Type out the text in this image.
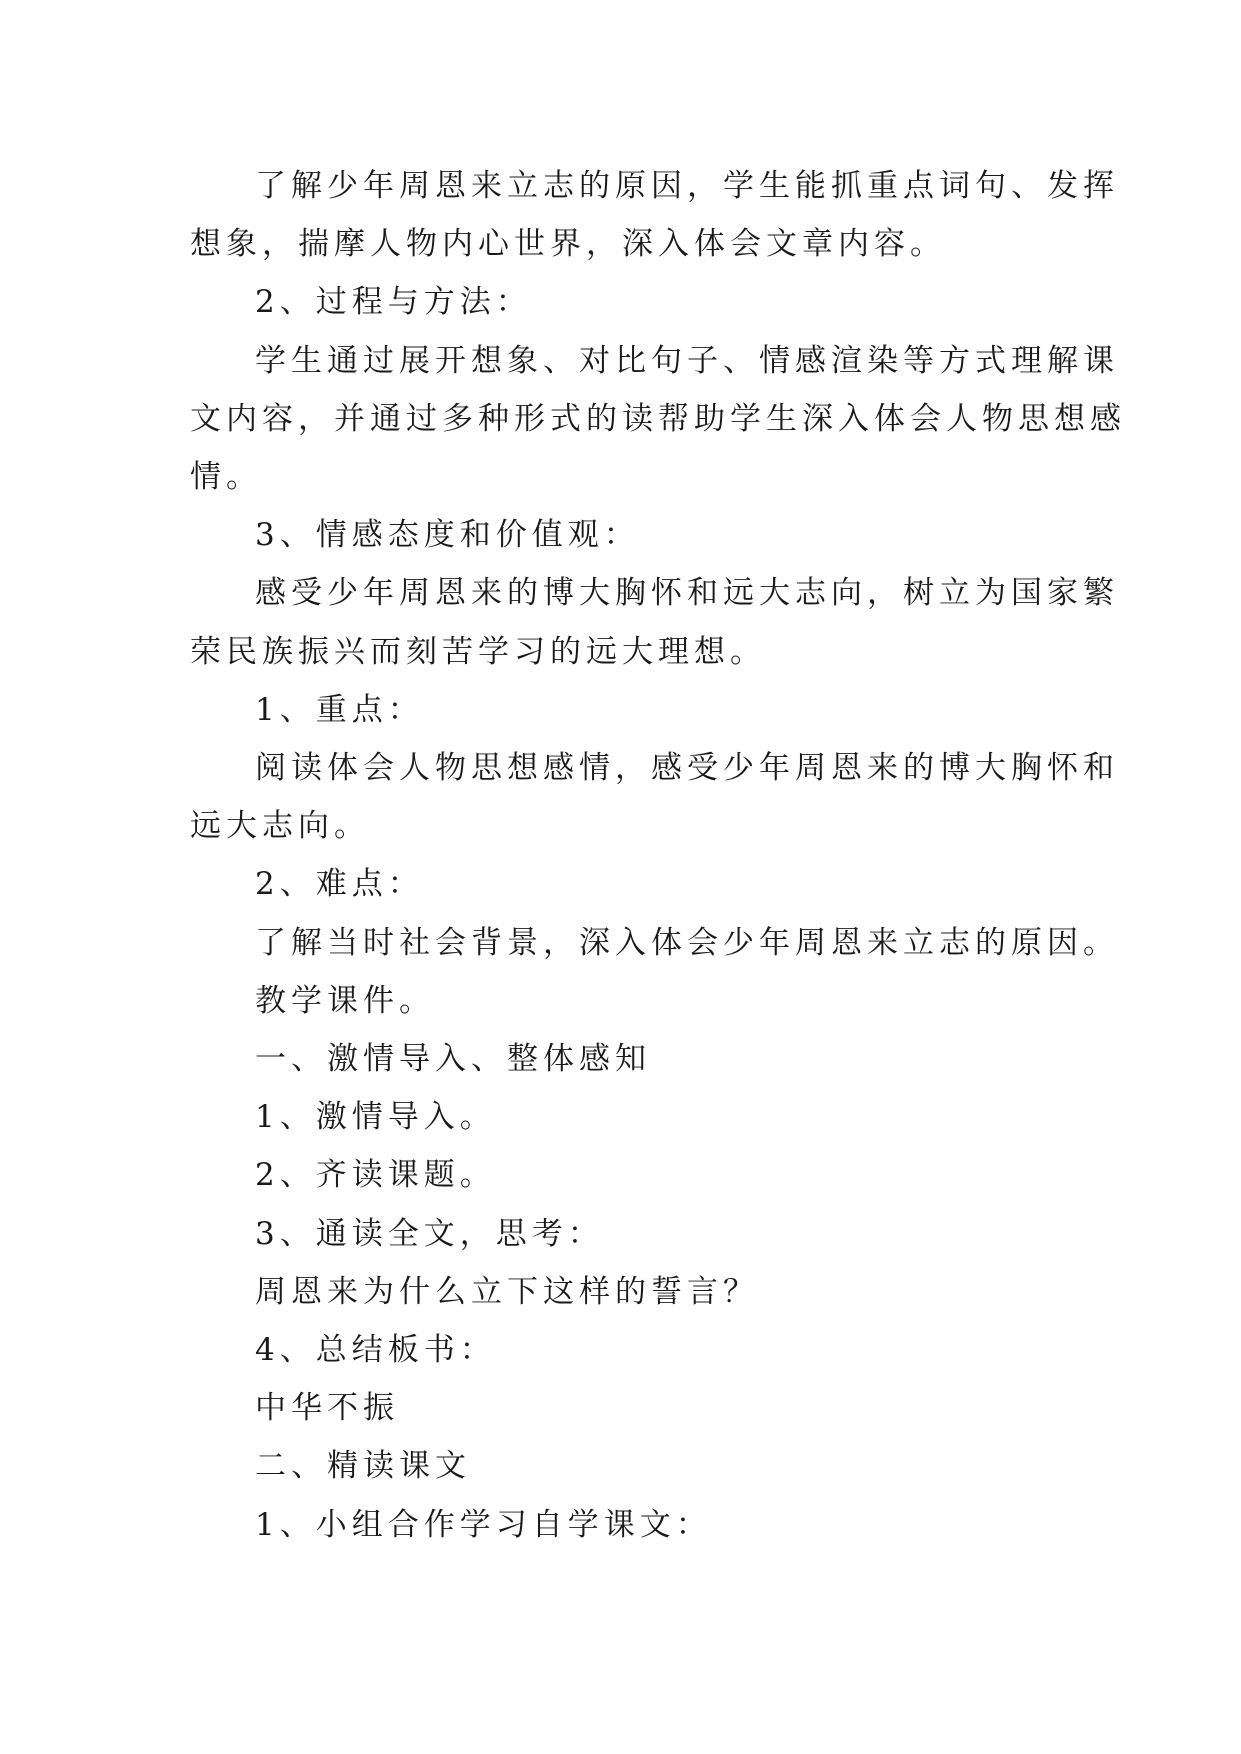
了解少年周恩来立志的原因，学生能抓重点词句、发挥

想象，揣摩人物内心世界，深入体会文章内容。

2、过程与方法：

学生通过展开想象、对比句子、情感渲染等方式理解课

文内容，并通过多种形式的读帮助学生深入体会人物思想感

情。

3、情感态度和价值观：

感受少年周恩来的博大胸怀和远大志向，树立为国家繁

荣民族振兴而刻苦学习的远大理想。

1、重点：

阅读体会人物思想感情，感受少年周恩来的博大胸怀和

远大志向。

2、难点：

了解当时社会背景，深入体会少年周恩来立志的原因。

教学课件。

一、激情导入、整体感知

1、激情导入。

2、齐读课题。

3、通读全文，思考：

周恩来为什么立下这样的誓言？

4、总结板书：

中华不振

二、精读课文

1、小组合作学习自学课文：
